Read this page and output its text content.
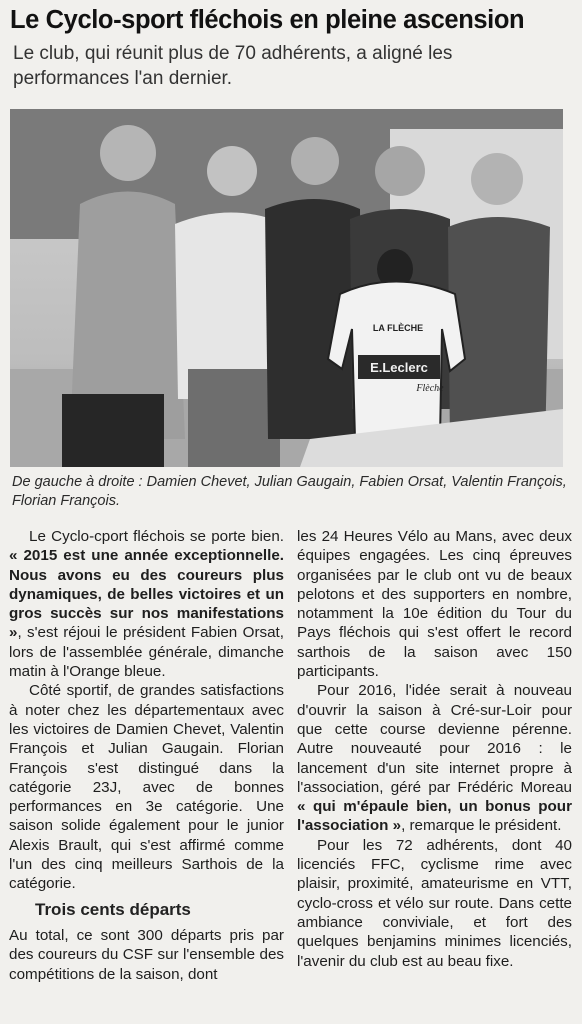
Le Cyclo-sport fléchois en pleine ascension

Le club, qui réunit plus de 70 adhérents, a aligné les performances l'an dernier.

LA FLÈCHE
E.Leclerc
Flèche

De gauche à droite : Damien Chevet, Julian Gaugain, Fabien Orsat, Valentin François, Florian François.

Le Cyclo-cport fléchois se porte bien. « 2015 est une année exceptionnelle. Nous avons eu des coureurs plus dynamiques, de belles victoires et un gros succès sur nos manifestations », s'est réjoui le président Fabien Orsat, lors de l'assemblée générale, dimanche matin à l'Orange bleue.

Côté sportif, de grandes satisfactions à noter chez les départementaux avec les victoires de Damien Chevet, Valentin François et Julian Gaugain. Florian François s'est distingué dans la catégorie 23J, avec de bonnes performances en 3e catégorie. Une saison solide également pour le junior Alexis Brault, qui s'est affirmé comme l'un des cinq meilleurs Sarthois de la catégorie.

Trois cents départs

Au total, ce sont 300 départs pris par des coureurs du CSF sur l'ensemble des compétitions de la saison, dont

les 24 Heures Vélo au Mans, avec deux équipes engagées. Les cinq épreuves organisées par le club ont vu de beaux pelotons et des supporters en nombre, notamment la 10e édition du Tour du Pays fléchois qui s'est offert le record sarthois de la saison avec 150 participants.

Pour 2016, l'idée serait à nouveau d'ouvrir la saison à Cré-sur-Loir pour que cette course devienne pérenne. Autre nouveauté pour 2016 : le lancement d'un site internet propre à l'association, géré par Frédéric Moreau « qui m'épaule bien, un bonus pour l'association », remarque le président.

Pour les 72 adhérents, dont 40 licenciés FFC, cyclisme rime avec plaisir, proximité, amateurisme en VTT, cyclo-cross et vélo sur route. Dans cette ambiance conviviale, et fort des quelques benjamins minimes licenciés, l'avenir du club est au beau fixe.
